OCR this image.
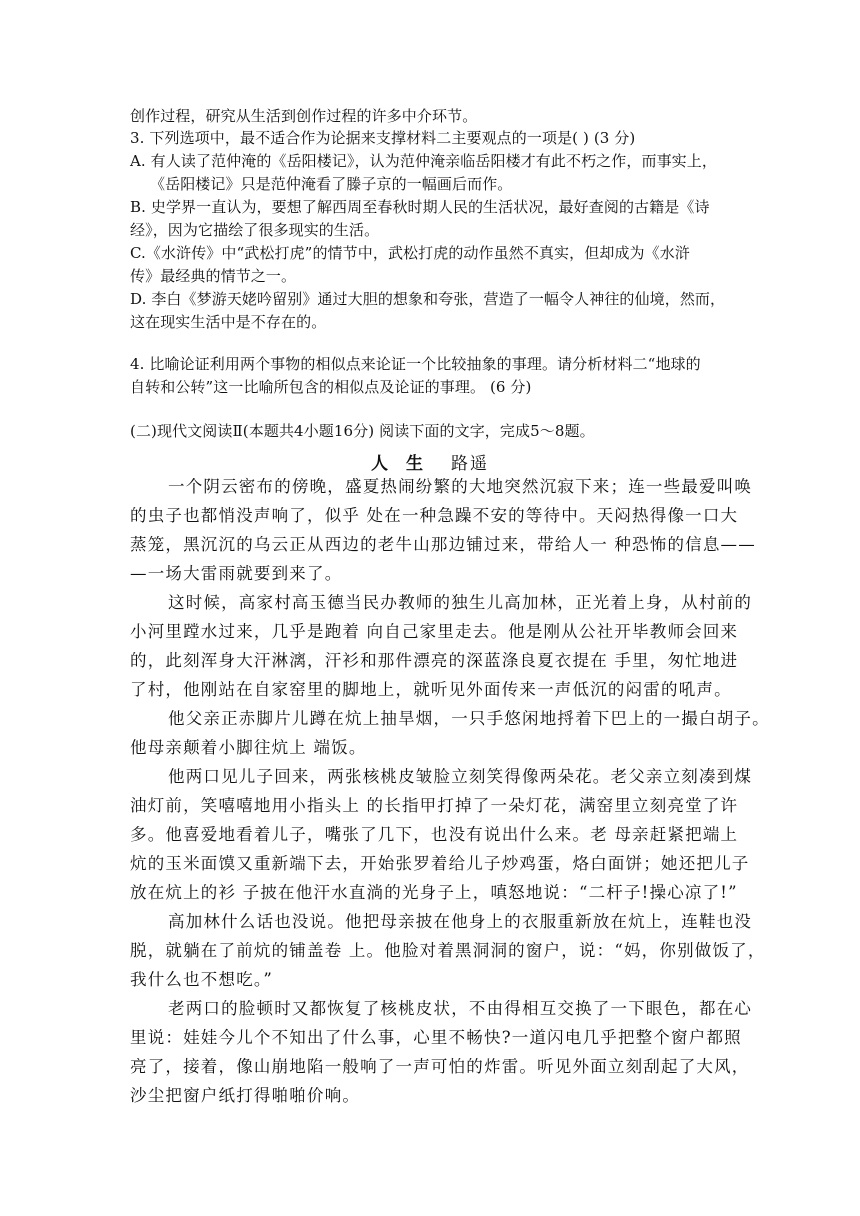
创作过程，研究从生活到创作过程的许多中介环节。
3. 下列选项中，最不适合作为论据来支撑材料二主要观点的一项是( ) (3 分)
A. 有人读了范仲淹的《岳阳楼记》，认为范仲淹亲临岳阳楼才有此不朽之作，而事实上，
《岳阳楼记》只是范仲淹看了滕子京的一幅画后而作。
B. 史学界一直认为，要想了解西周至春秋时期人民的生活状况，最好查阅的古籍是《诗
经》，因为它描绘了很多现实的生活。
C.《水浒传》中“武松打虎”的情节中，武松打虎的动作虽然不真实，但却成为《水浒
传》最经典的情节之一。
D. 李白《梦游天姥吟留别》通过大胆的想象和夸张，营造了一幅令人神往的仙境，然而，
这在现实生活中是不存在的。
4. 比喻论证利用两个事物的相似点来论证一个比较抽象的事理。请分析材料二“地球的
自转和公转”这一比喻所包含的相似点及论证的事理。 (6 分)
(二)现代文阅读Ⅱ(本题共4小题16分) 阅读下面的文字，完成5～8题。
人 生 路遥
一个阴云密布的傍晚，盛夏热闹纷繁的大地突然沉寂下来；连一些最爱叫唤
的虫子也都悄没声响了，似乎 处在一种急躁不安的等待中。天闷热得像一口大
蒸笼，黑沉沉的乌云正从西边的老牛山那边铺过来，带给人一 种恐怖的信息——
—一场大雷雨就要到来了。
这时候，高家村高玉德当民办教师的独生儿高加林，正光着上身，从村前的
小河里蹚水过来，几乎是跑着 向自己家里走去。他是刚从公社开毕教师会回来
的，此刻浑身大汗淋漓，汗衫和那件漂亮的深蓝涤良夏衣提在 手里，匆忙地进
了村，他刚站在自家窑里的脚地上，就听见外面传来一声低沉的闷雷的吼声。
他父亲正赤脚片儿蹲在炕上抽旱烟，一只手悠闲地捋着下巴上的一撮白胡子。
他母亲颠着小脚往炕上 端饭。
他两口见儿子回来，两张核桃皮皱脸立刻笑得像两朵花。老父亲立刻凑到煤
油灯前，笑嘻嘻地用小指头上 的长指甲打掉了一朵灯花，满窑里立刻亮堂了许
多。他喜爱地看着儿子，嘴张了几下，也没有说出什么来。老 母亲赶紧把端上
炕的玉米面馍又重新端下去，开始张罗着给儿子炒鸡蛋，烙白面饼；她还把儿子
放在炕上的衫 子披在他汗水直淌的光身子上，嗔怒地说：“二杆子!操心凉了!”
高加林什么话也没说。他把母亲披在他身上的衣服重新放在炕上，连鞋也没
脱，就躺在了前炕的铺盖卷 上。他脸对着黑洞洞的窗户，说：“妈，你别做饭了，
我什么也不想吃。”
老两口的脸顿时又都恢复了核桃皮状，不由得相互交换了一下眼色，都在心
里说：娃娃今儿个不知出了什么事，心里不畅快?一道闪电几乎把整个窗户都照
亮了，接着，像山崩地陷一般响了一声可怕的炸雷。听见外面立刻刮起了大风，
沙尘把窗户纸打得啪啪价响。
